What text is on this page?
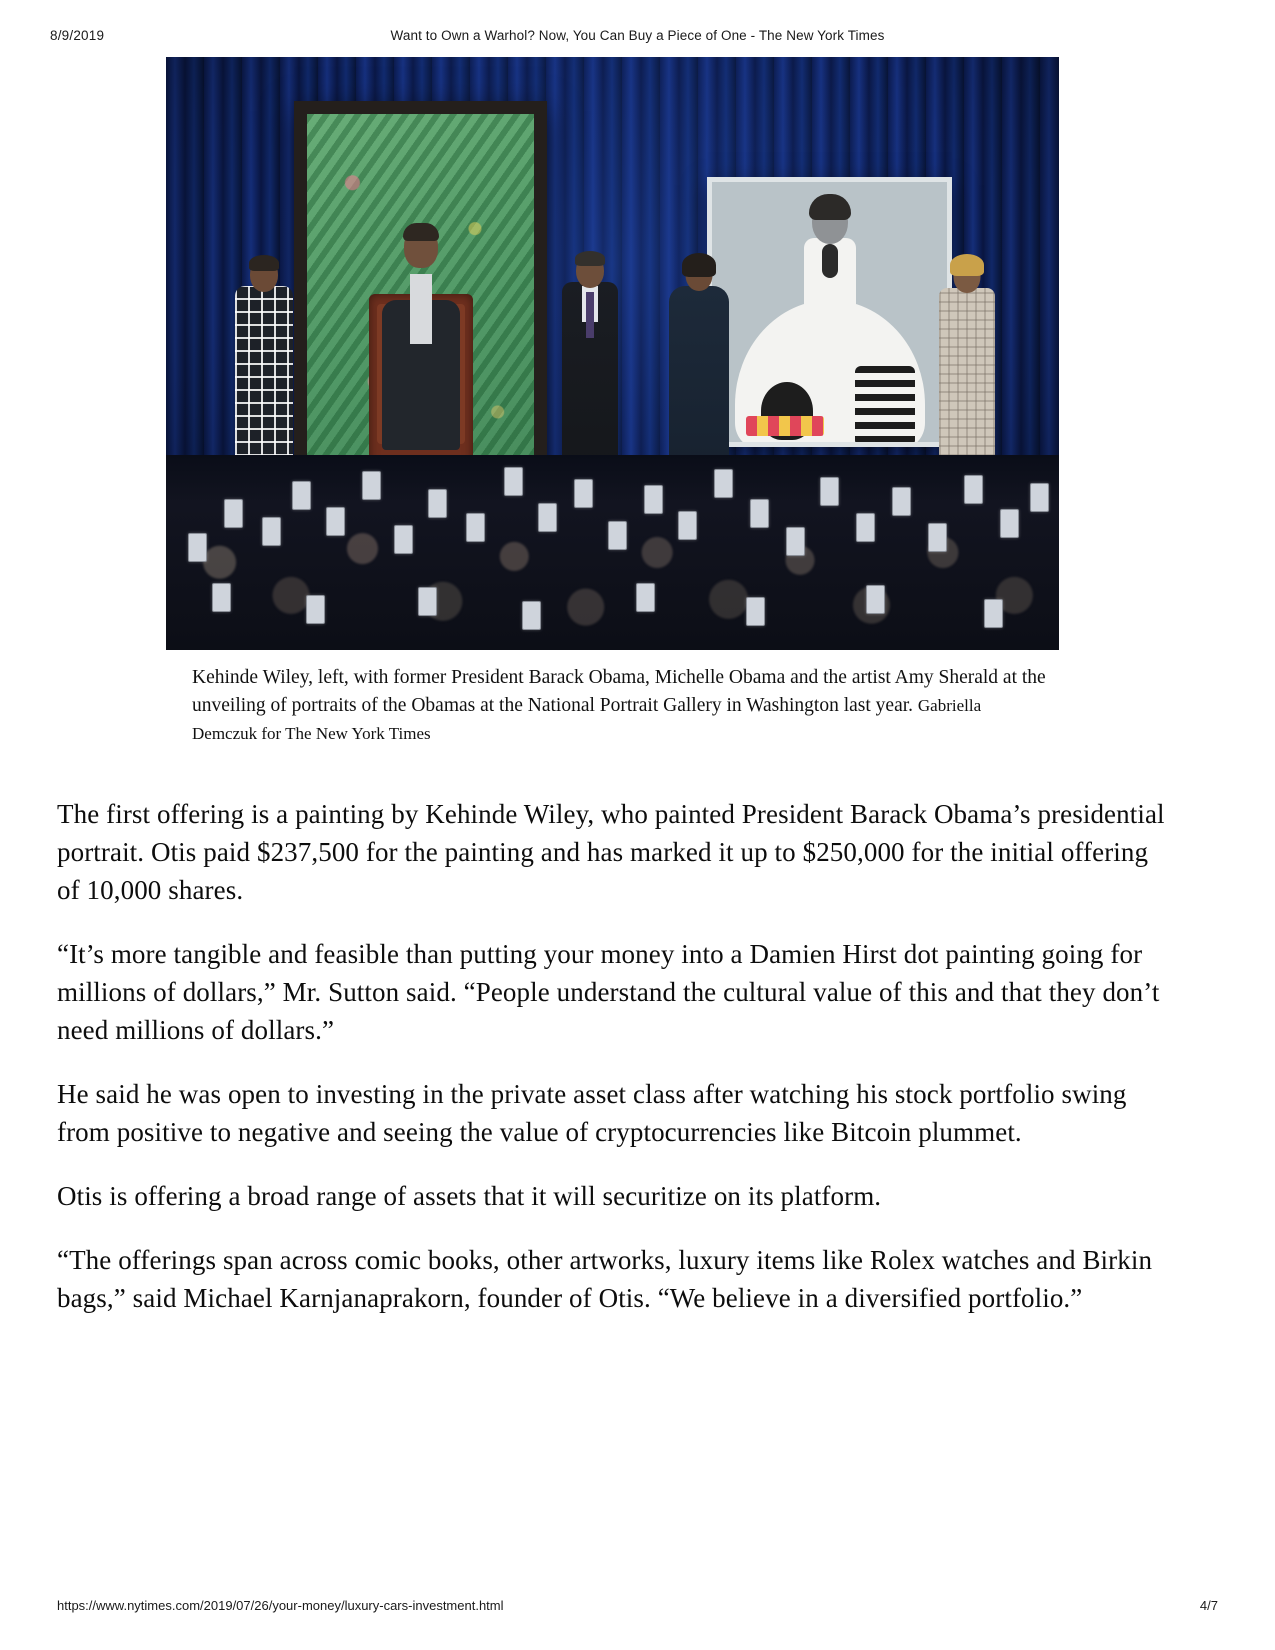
8/9/2019	Want to Own a Warhol? Now, You Can Buy a Piece of One - The New York Times
Kehinde Wiley, left, with former President Barack Obama, Michelle Obama and the artist Amy Sherald at the unveiling of portraits of the Obamas at the National Portrait Gallery in Washington last year. Gabriella Demczuk for The New York Times

The first offering is a painting by Kehinde Wiley, who painted President Barack Obama’s presidential portrait. Otis paid $237,500 for the painting and has marked it up to $250,000 for the initial offering of 10,000 shares.

“It’s more tangible and feasible than putting your money into a Damien Hirst dot painting going for millions of dollars,” Mr. Sutton said. “People understand the cultural value of this and that they don’t need millions of dollars.”

He said he was open to investing in the private asset class after watching his stock portfolio swing from positive to negative and seeing the value of cryptocurrencies like Bitcoin plummet.

Otis is offering a broad range of assets that it will securitize on its platform.

“The offerings span across comic books, other artworks, luxury items like Rolex watches and Birkin bags,” said Michael Karnjanaprakorn, founder of Otis. “We believe in a diversified portfolio.”

https://www.nytimes.com/2019/07/26/your-money/luxury-cars-investment.html	4/7
